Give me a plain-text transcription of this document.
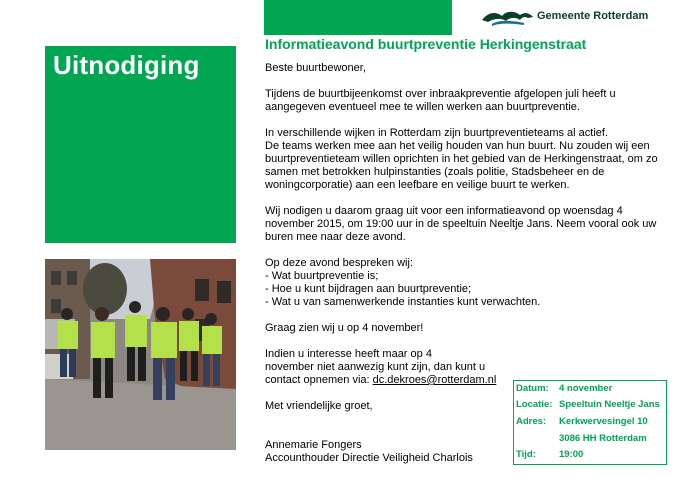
Gemeente Rotterdam
Uitnodiging
Informatieavond buurtpreventie Herkingenstraat

Beste buurtbewoner,

Tijdens de buurtbijeenkomst over inbraakpreventie afgelopen juli heeft u aangegeven eventueel mee te willen werken aan buurtpreventie.

In verschillende wijken in Rotterdam zijn buurtpreventieteams al actief.
De teams werken mee aan het veilig houden van hun buurt. Nu zouden wij een buurtpreventieteam willen oprichten in het gebied van de Herkingenstraat, om zo samen met betrokken hulpinstanties (zoals politie, Stadsbeheer en de woningcorporatie) aan een leefbare en veilige buurt te werken.

Wij nodigen u daarom graag uit voor een informatieavond op woensdag 4 november 2015, om 19:00 uur in de speeltuin Neeltje Jans. Neem vooral ook uw buren mee naar deze avond.

Op deze avond bespreken wij:
- Wat buurtpreventie is;
- Hoe u kunt bijdragen aan buurtpreventie;
- Wat u van samenwerkende instanties kunt verwachten.

Graag zien wij u op 4 november!

Indien u interesse heeft maar op 4
november niet aanwezig kunt zijn, dan kunt u
contact opnemen via: dc.dekroes@rotterdam.nl

Met vriendelijke groet,

Annemarie Fongers
Accounthouder Directie Veiligheid Charlois
Datum: 4 november
Locatie: Speeltuin Neeltje Jans
Adres: Kerkwervesingel 10
3086 HH Rotterdam
Tijd: 19:00
